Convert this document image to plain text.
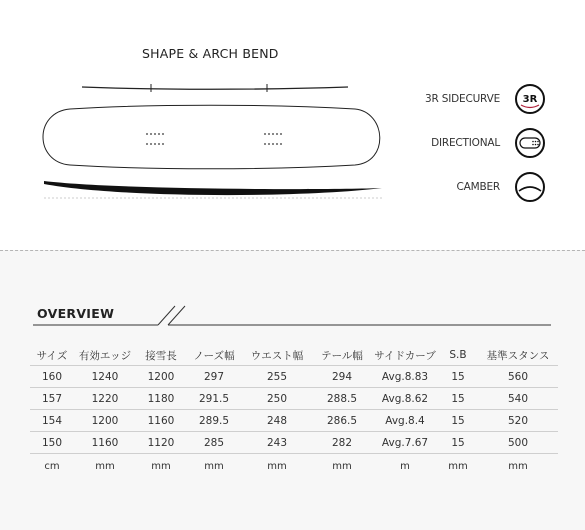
SHAPE & ARCH BEND
3R SIDECURVE 3R
DIRECTIONAL
CAMBER
OVERVIEW
サイズ	有効エッジ	接雪長	ノーズ幅	ウエスト幅	テール幅	サイドカーブ	S.B	基準スタンス
160	1240	1200	297	255	294	Avg.8.83	15	560
157	1220	1180	291.5	250	288.5	Avg.8.62	15	540
154	1200	1160	289.5	248	286.5	Avg.8.4	15	520
150	1160	1120	285	243	282	Avg.7.67	15	500
cm	mm	mm	mm	mm	mm	m	mm	mm
